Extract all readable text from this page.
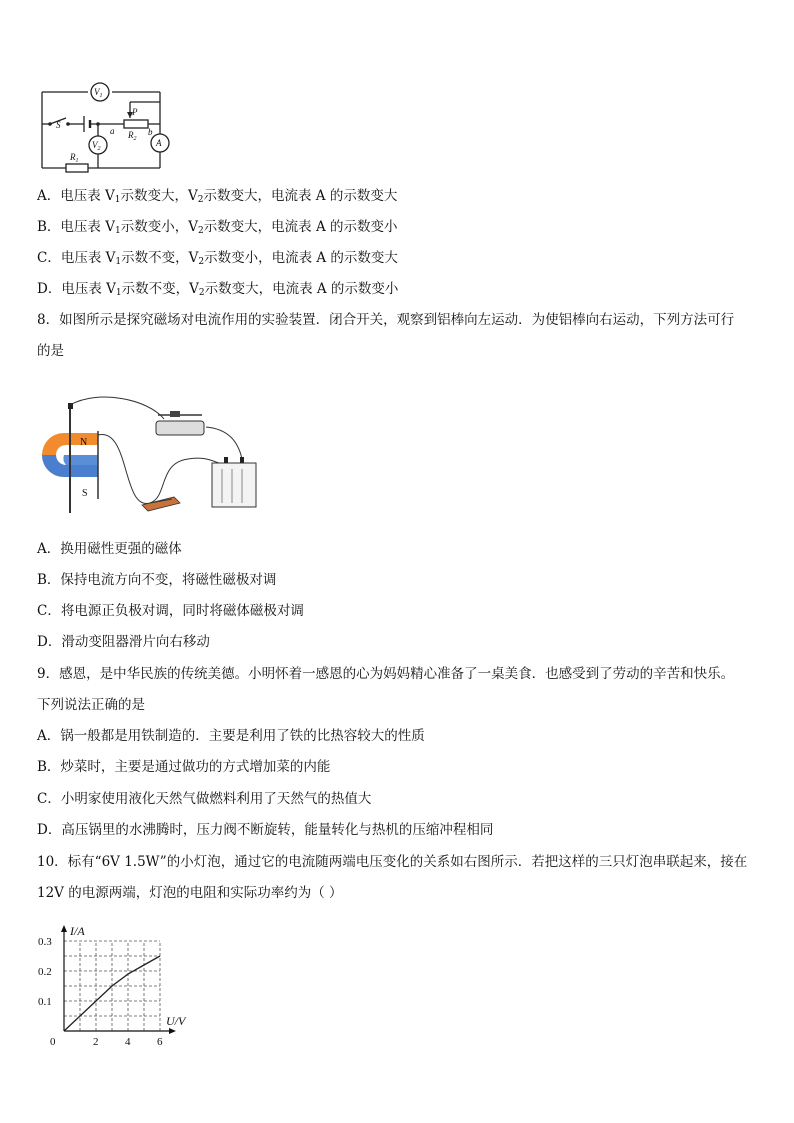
$V_1$
$V_2$
A
P
S
a	b
$R_1$
$R_2$
A．电压表 $V_1$示数变大，$V_2$示数变大，电流表 A 的示数变大
B．电压表 $V_1$示数变小，$V_2$示数变大，电流表 A 的示数变小
C．电压表 $V_1$示数不变，$V_2$示数变小，电流表 A 的示数变大
D．电压表 $V_1$示数不变，$V_2$示数变大，电流表 A 的示数变小
8．如图所示是探究磁场对电流作用的实验装置．闭合开关，观察到铝棒向左运动．为使铝棒向右运动，下列方法可行
的是
N
S
A．换用磁性更强的磁体
B．保持电流方向不变，将磁性磁极对调
C．将电源正负极对调，同时将磁体磁极对调
D．滑动变阻器滑片向右移动
9．感恩，是中华民族的传统美德。小明怀着一感恩的心为妈妈精心准备了一桌美食．也感受到了劳动的辛苦和快乐。
下列说法正确的是
A．锅一般都是用铁制造的．主要是利用了铁的比热容较大的性质
B．炒菜时，主要是通过做功的方式增加菜的内能
C．小明家使用液化天然气做燃料利用了天然气的热值大
D．高压锅里的水沸腾时，压力阀不断旋转，能量转化与热机的压缩冲程相同
10．标有“6V 1.5W”的小灯泡，通过它的电流随两端电压变化的关系如右图所示．若把这样的三只灯泡串联起来，接在
12V 的电源两端，灯泡的电阻和实际功率约为（ ）
2 4 6
0.1
0.2
0.3
I/A
U/V
0
